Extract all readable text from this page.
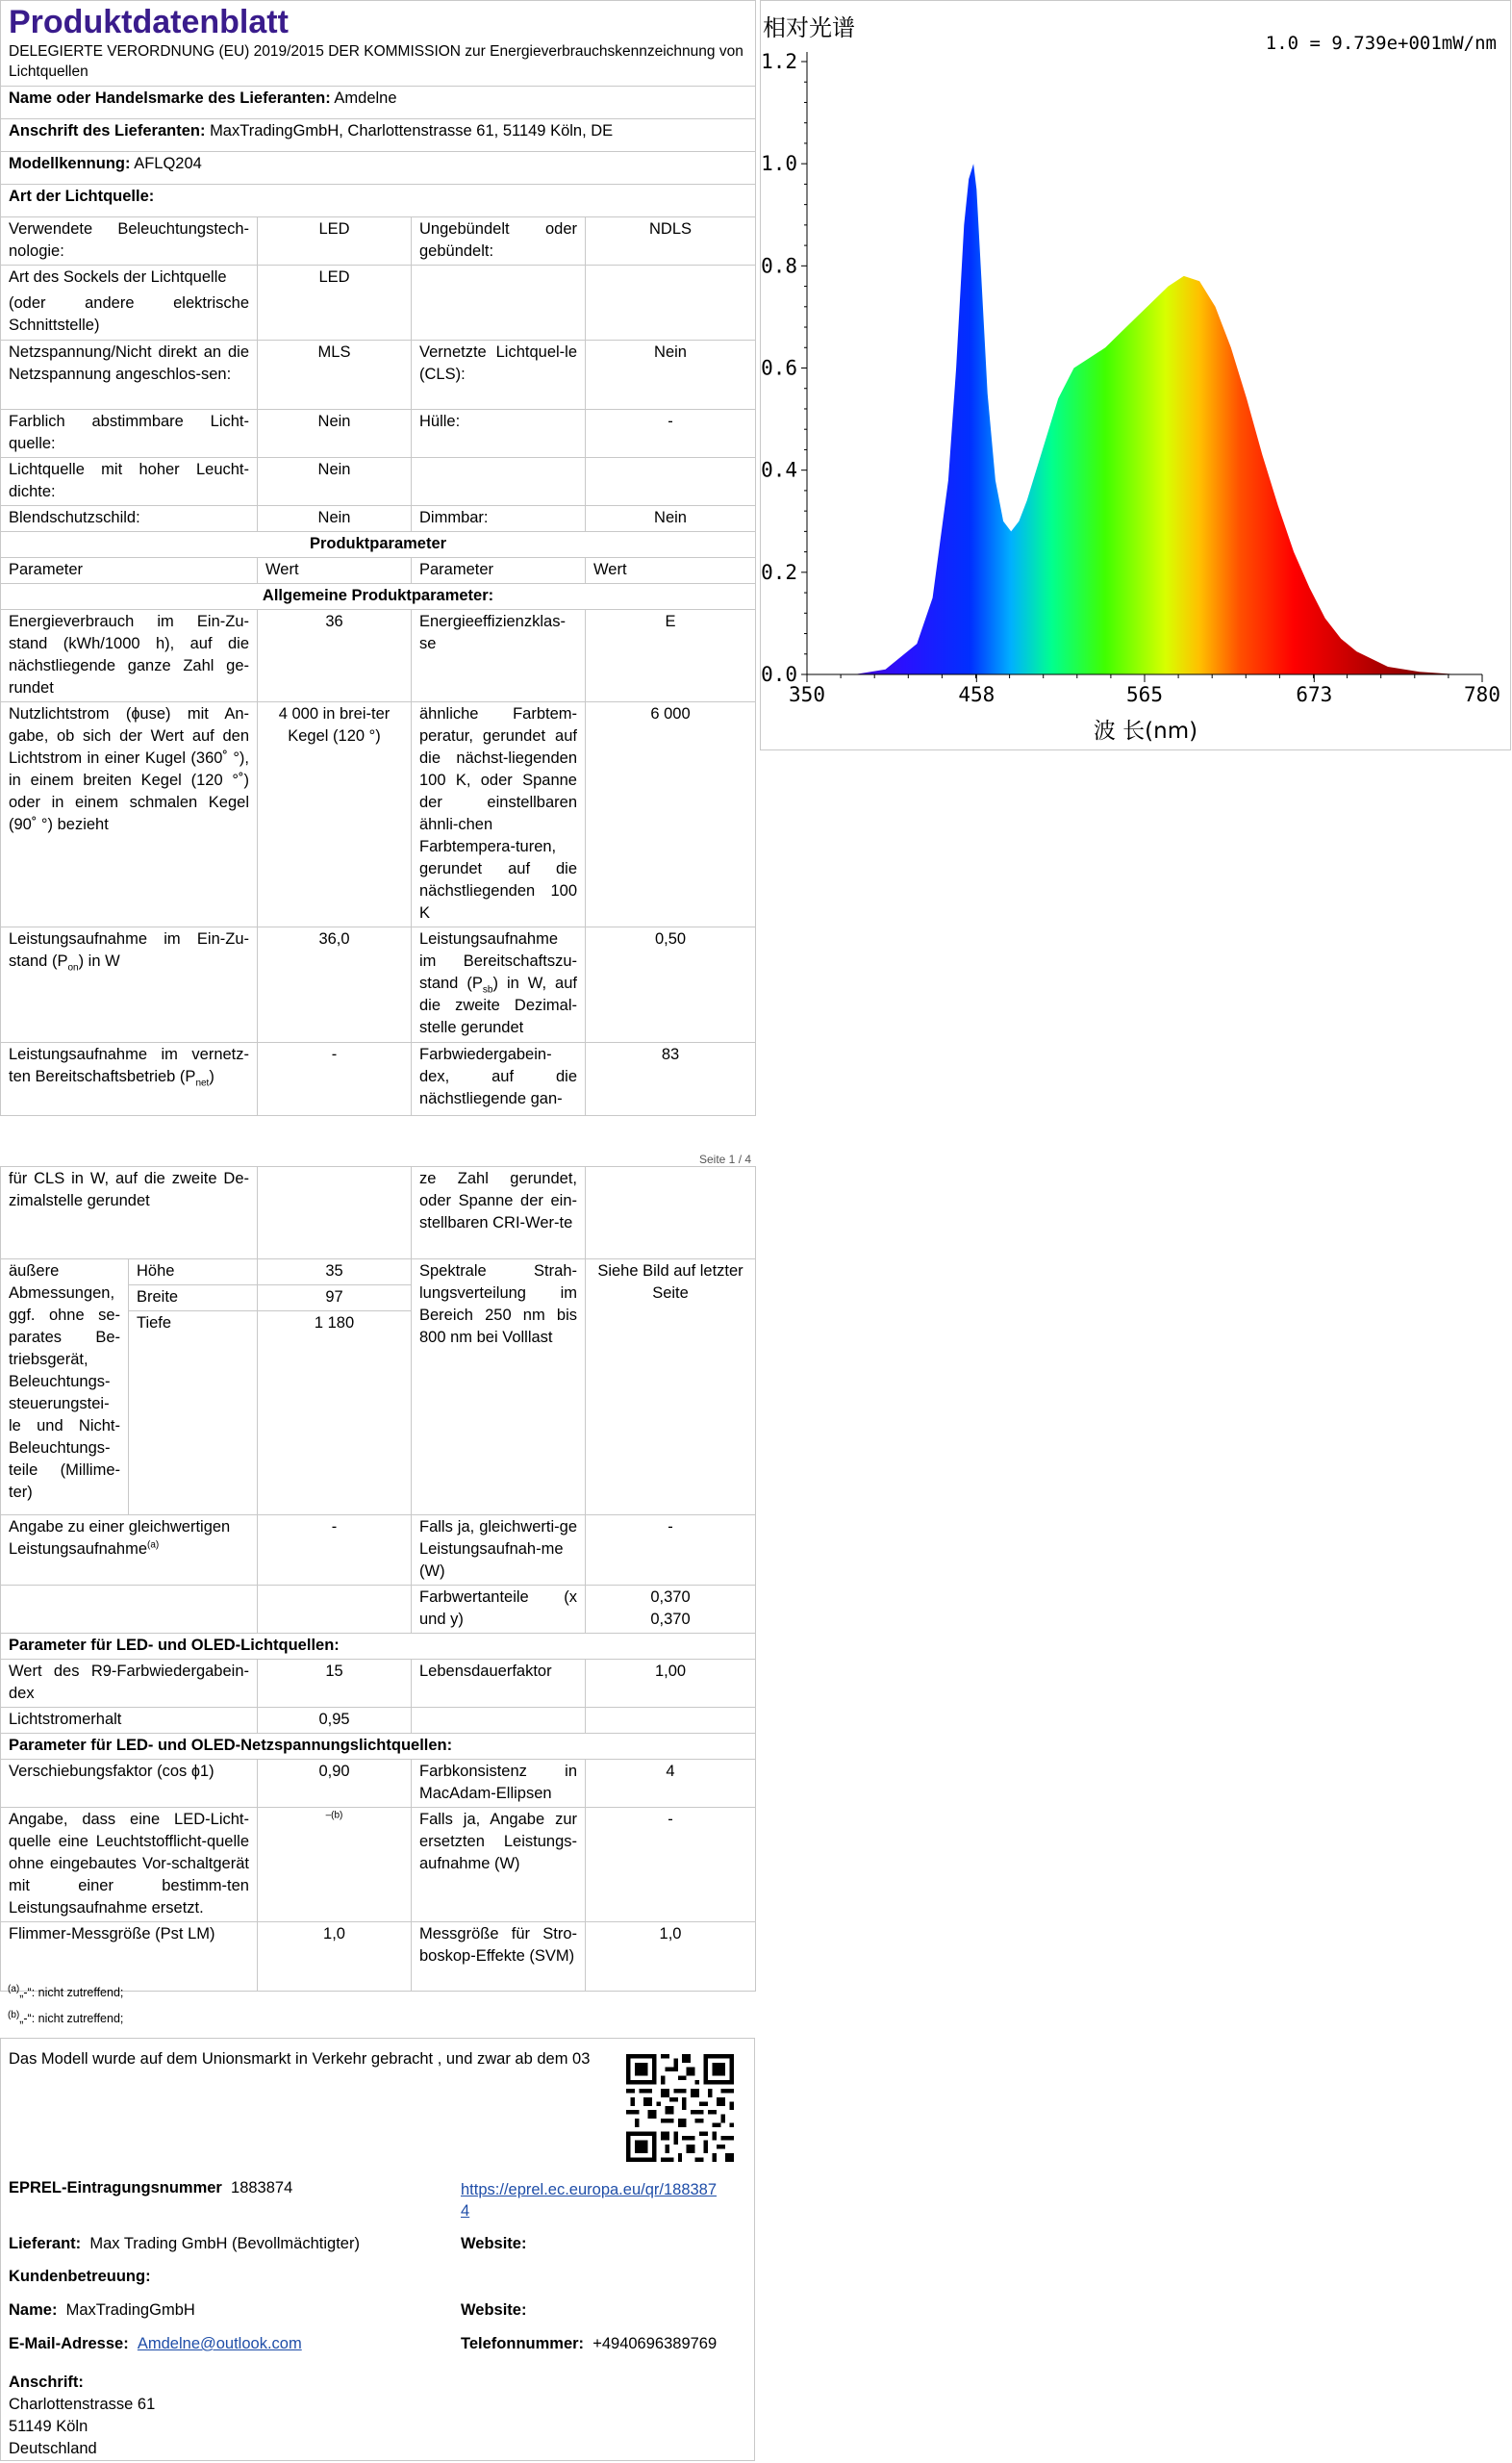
Produktdatenblatt
DELEGIERTE VERORDNUNG (EU) 2019/2015 DER KOMMISSION zur Energieverbrauchskennzeichnung von Lichtquellen			

Name oder Handelsmarke des Lieferanten: Amdelne			
Anschrift des Lieferanten: MaxTradingGmbH, Charlottenstrasse 61, 51149 Köln, DE			
Modellkennung: AFLQ204			
Art der Lichtquelle:			
Verwendete Beleuchtungstech-nologie:	LED	Ungebündelt oder gebündelt:	NDLS

Art des Sockels der Lichtquelle
(oder andere elektrische Schnittstelle)	LED		
Netzspannung/Nicht direkt an die Netzspannung angeschlos-sen:	MLS	Vernetzte Lichtquel-le (CLS):	Nein
Farblich abstimmbare Licht-quelle:	Nein	Hülle:	-
Lichtquelle mit hoher Leucht-dichte:	Nein		
Blendschutzschild:	Nein	Dimmbar:	Nein
Produktparameter			
Parameter	Wert	Parameter	Wert
Allgemeine Produktparameter:			
Energieverbrauch im Ein-Zu-stand (kWh/1000 h), auf die nächstliegende ganze Zahl ge-rundet	36	Energieeffizienzklas-se	E
Nutzlichtstrom (ɸuse) mit An-gabe, ob sich der Wert auf den Lichtstrom in einer Kugel (360˚ °), in einem breiten Kegel (120 °˚) oder in einem schmalen Kegel (90˚ °) bezieht	4 000 in brei-ter Kegel (120 °)	ähnliche Farbtem-peratur, gerundet auf die nächst-liegenden 100 K, oder Spanne der einstellbaren ähnli-chen Farbtempera-turen, gerundet auf die nächstliegenden 100 K	6 000
Leistungsaufnahme im Ein-Zu-stand $(P_{on})$ in W	36,0	Leistungsaufnahme im Bereitschaftszu-stand $(P_{sb})$ in W, auf die zweite Dezimal-stelle gerundet	0,50
Leistungsaufnahme im vernetz-ten Bereitschaftsbetrieb $(P_{net})$	-	Farbwiedergabein-dex, auf die nächstliegende gan-	83
Seite 1 / 4
für CLS in W, auf die zweite De-zimalstelle gerundet			ze Zahl gerundet, oder Spanne der ein-stellbaren CRI-Wer-te	
äußere Abmessungen, ggf. ohne se-parates Be-triebsgerät, Beleuchtungs-steuerungstei-le und Nicht-Beleuchtungs-teile (Millime-ter)	Höhe	35	Spektrale Strah-lungsverteilung im Bereich 250 nm bis 800 nm bei Volllast	Siehe Bild auf letzter Seite
	Breite	97		
	Tiefe	1 180		
Angabe zu einer gleichwertigen Leistungsaufnahme$^{(a)}$		-	Falls ja, gleichwerti-ge Leistungsaufnah-me (W)	-
			Farbwertanteile (x und y)	0,370
0,370

Parameter für LED- und OLED-Lichtquellen:				
Wert des R9-Farbwiedergabein-dex		15	Lebensdauerfaktor	1,00
Lichtstromerhalt		0,95		
Parameter für LED- und OLED-Netzspannungslichtquellen:				
Verschiebungsfaktor (cos ɸ1)		0,90	Farbkonsistenz in MacAdam-Ellipsen	4
Angabe, dass eine LED-Licht-quelle eine Leuchtstofflicht-quelle ohne eingebautes Vor-schaltgerät mit einer bestimm-ten Leistungsaufnahme ersetzt.		$^{-(b)}$	Falls ja, Angabe zur ersetzten Leistungs-aufnahme (W)	-
Flimmer-Messgröße (Pst LM)		1,0	Messgröße für Stro-boskop-Effekte (SVM)	1,0
$^{(a)}$„-“: nicht zutreffend;
$^{(b)}$„-“: nicht zutreffend;
Das Modell wurde auf dem Unionsmarkt in Verkehr gebracht , und zwar ab dem 03
EPREL-Eintragungsnummer 1883874	https://eprel.ec.europa.eu/qr/1883874
Lieferant: Max Trading GmbH (Bevollmächtigter)	Website:
Kundenbetreuung:
Name: MaxTradingGmbH	Website:
E-Mail-Adresse: Amdelne@outlook.com	Telefonnummer: +4940696389769
Anschrift:
Charlottenstrasse 61
51149 Köln
Deutschland
0.0
0.2
0.4
0.6
0.8
1.0
1.2
350	458	565	673	780
相对光谱
1.0 = 9.739e+001mW/nm
波 长(nm)
